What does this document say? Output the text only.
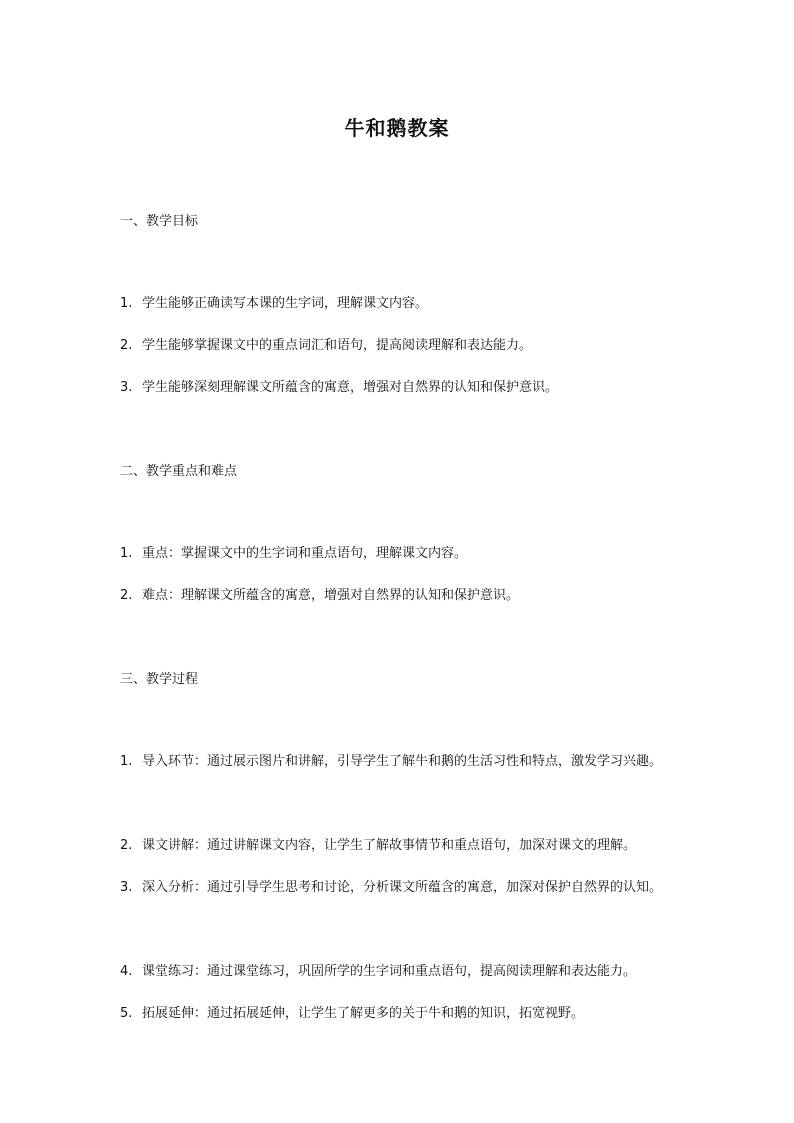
牛和鹅教案
一、教学目标
1. 学生能够正确读写本课的生字词，理解课文内容。
2. 学生能够掌握课文中的重点词汇和语句，提高阅读理解和表达能力。
3. 学生能够深刻理解课文所蕴含的寓意，增强对自然界的认知和保护意识。
二、教学重点和难点
1. 重点：掌握课文中的生字词和重点语句，理解课文内容。
2. 难点：理解课文所蕴含的寓意，增强对自然界的认知和保护意识。
三、教学过程
1. 导入环节：通过展示图片和讲解，引导学生了解牛和鹅的生活习性和特点，激发学习兴趣。
2. 课文讲解：通过讲解课文内容，让学生了解故事情节和重点语句，加深对课文的理解。
3. 深入分析：通过引导学生思考和讨论，分析课文所蕴含的寓意，加深对保护自然界的认知。
4. 课堂练习：通过课堂练习，巩固所学的生字词和重点语句，提高阅读理解和表达能力。
5. 拓展延伸：通过拓展延伸，让学生了解更多的关于牛和鹅的知识，拓宽视野。
